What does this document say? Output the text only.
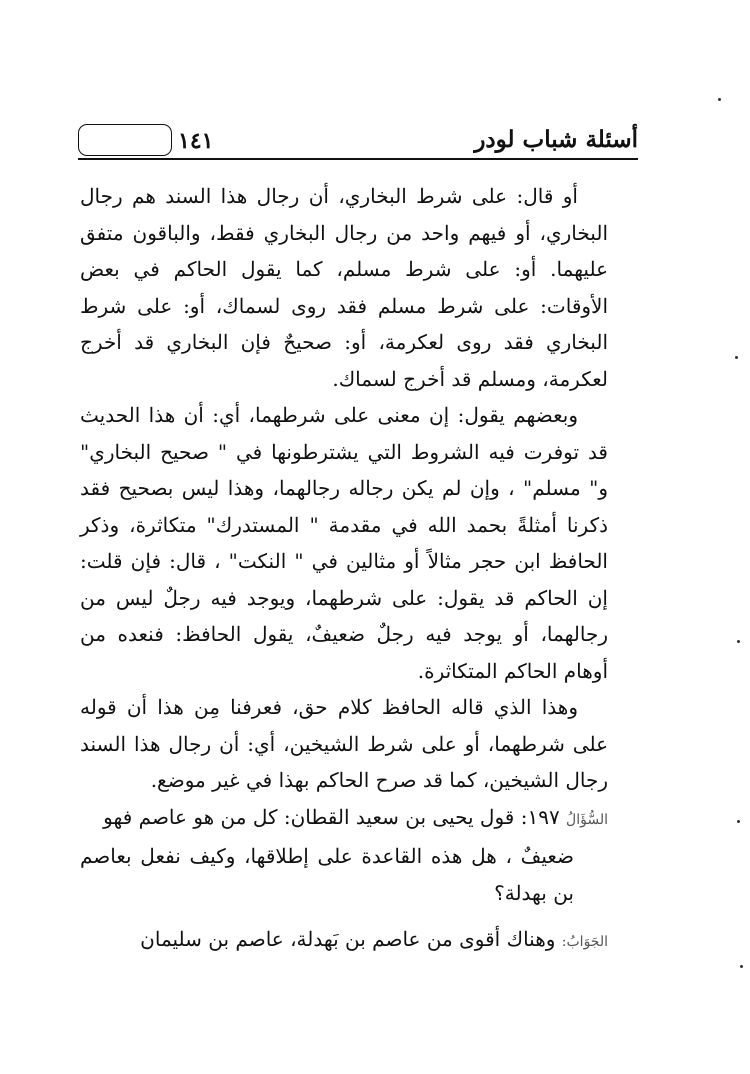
١٤١	أسئلة شباب لودر

أو قال: على شرط البخاري، أن رجال هذا السند هم رجال البخاري، أو فيهم واحد من رجال البخاري فقط، والباقون متفق عليهما. أو: على شرط مسلم، كما يقول الحاكم في بعض الأوقات: على شرط مسلم فقد روى لسماك، أو: على شرط البخاري فقد روى لعكرمة، أو: صحيحٌ فإن البخاري قد أخرج لعكرمة، ومسلم قد أخرج لسماك.

وبعضهم يقول: إن معنى على شرطهما، أي: أن هذا الحديث قد توفرت فيه الشروط التي يشترطونها في " صحيح البخاري" و" مسلم" ، وإن لم يكن رجاله رجالهما، وهذا ليس بصحيح فقد ذكرنا أمثلةً بحمد الله في مقدمة " المستدرك" متكاثرة، وذكر الحافظ ابن حجر مثالاً أو مثالين في " النكت" ، قال: فإن قلت: إن الحاكم قد يقول: على شرطهما، ويوجد فيه رجلٌ ليس من رجالهما، أو يوجد فيه رجلٌ ضعيفٌ، يقول الحافظ: فنعده من أوهام الحاكم المتكاثرة.

وهذا الذي قاله الحافظ كلام حق، فعرفنا مِن هذا أن قوله على شرطهما، أو على شرط الشيخين، أي: أن رجال هذا السند رجال الشيخين، كما قد صرح الحاكم بهذا في غير موضع.

السُّؤَالُ ١٩٧: قول يحيى بن سعيد القطان: كل من هو عاصم فهو

ضعيفٌ ، هل هذه القاعدة على إطلاقها، وكيف نفعل بعاصم بن بهدلة؟

الجَوَابُ: وهناك أقوى من عاصم بن بَهدلة، عاصم بن سليمان
